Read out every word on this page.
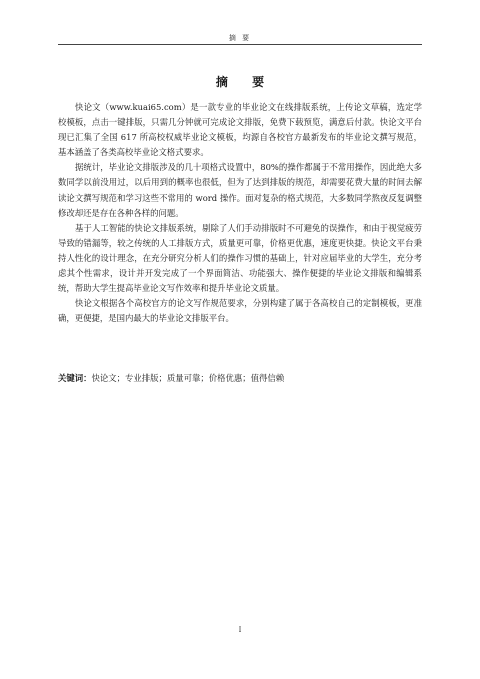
摘 要
摘 要

快论文（www.kuai65.com）是一款专业的毕业论文在线排版系统，上传论文草稿，选定学校模板，点击一键排版，只需几分钟就可完成论文排版，免费下载预览，满意后付款。快论文平台现已汇集了全国 617 所高校权威毕业论文模板，均源自各校官方最新发布的毕业论文撰写规范，基本涵盖了各类高校毕业论文格式要求。

据统计，毕业论文排版涉及的几十项格式设置中，80%的操作都属于不常用操作，因此绝大多数同学以前没用过，以后用到的概率也很低，但为了达到排版的规范，却需要花费大量的时间去解读论文撰写规范和学习这些不常用的 word 操作。面对复杂的格式规范，大多数同学熬夜反复调整修改却还是存在各种各样的问题。

基于人工智能的快论文排版系统，剔除了人们手动排版时不可避免的误操作，和由于视觉疲劳导致的错漏等，较之传统的人工排版方式，质量更可靠，价格更优惠，速度更快捷。快论文平台秉持人性化的设计理念，在充分研究分析人们的操作习惯的基础上，针对应届毕业的大学生，充分考虑其个性需求，设计并开发完成了一个界面简洁、功能强大、操作便捷的毕业论文排版和编辑系统，帮助大学生提高毕业论文写作效率和提升毕业论文质量。

快论文根据各个高校官方的论文写作规范要求，分别构建了属于各高校自己的定制模板，更准确，更便捷，是国内最大的毕业论文排版平台。

关键词：快论文；专业排版；质量可靠；价格优惠；值得信赖
I
